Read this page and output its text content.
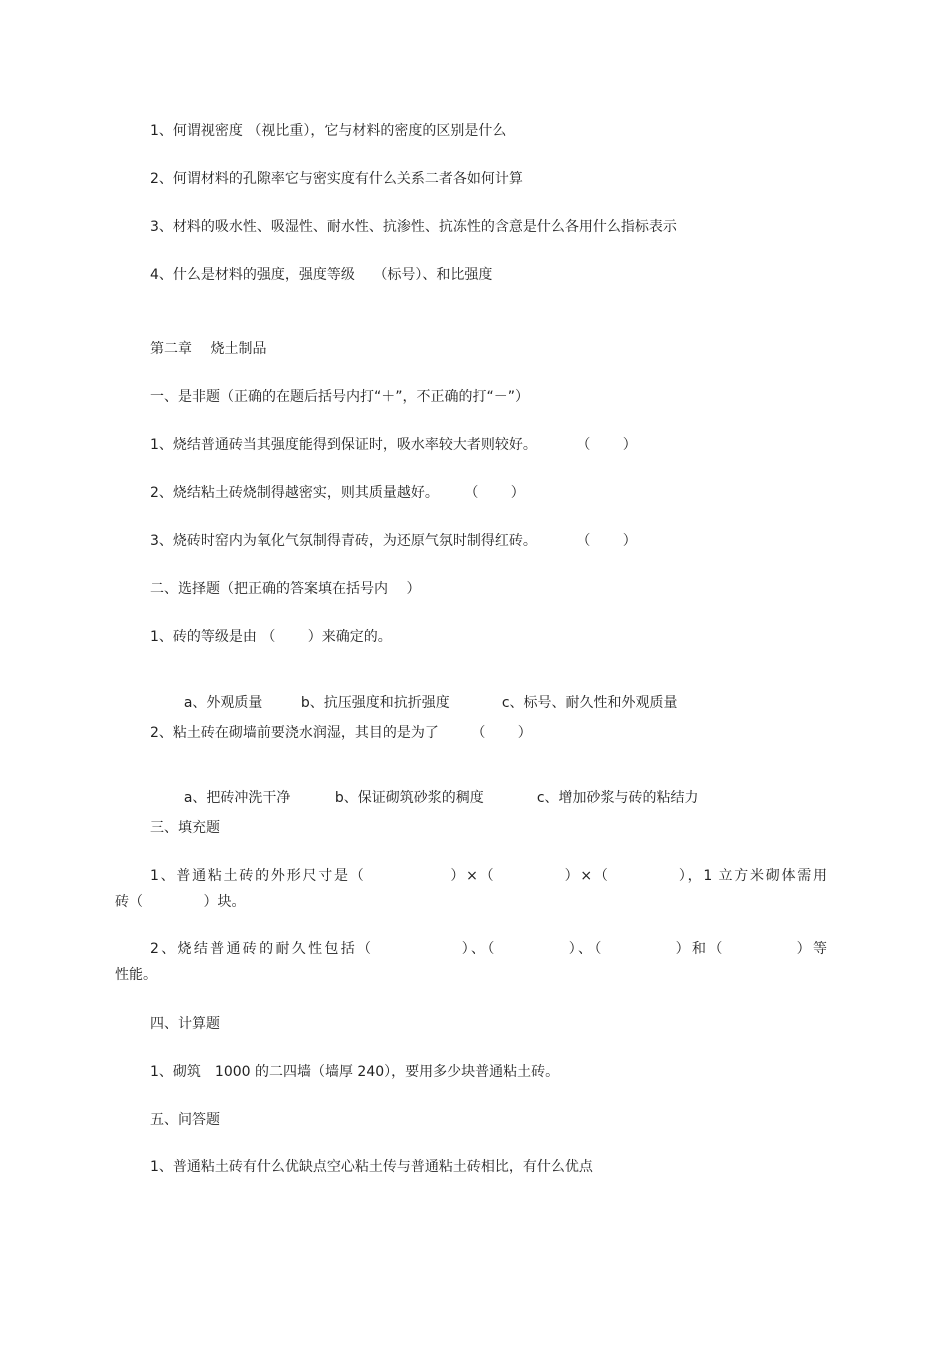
1、何谓视密度 （视比重），它与材料的密度的区别是什么
2、何谓材料的孔隙率它与密实度有什么关系二者各如何计算
3、材料的吸水性、吸湿性、耐水性、抗渗性、抗冻性的含意是什么各用什么指标表示
4、什么是材料的强度，强度等级　 （标号）、和比强度
第二章　 烧土制品
一、是非题（正确的在题后括号内打“＋”，不正确的打“－”）
1、烧结普通砖当其强度能得到保证时，吸水率较大者则较好。　　　 （　　 ）
2、烧结粘土砖烧制得越密实，则其质量越好。　　 （　　 ）
3、烧砖时窑内为氧化气氛制得青砖，为还原气氛时制得红砖。　　　 （　　 ）
二、选择题（把正确的答案填在括号内　 ）
1、砖的等级是由 （　　 ）来确定的。

a、外观质量	b、抗压强度和抗折强度	c、标号、耐久性和外观质量

2、粘土砖在砌墙前要浇水润湿，其目的是为了　　 （　　 ）

a、把砖冲洗干净	b、保证砌筑砂浆的稠度	c、增加砂浆与砖的粘结力

三、填充题
1、普通粘土砖的外形尺寸是（　　　　　 ）×（　　　　 ）×（　　　　 ），1 立方米砌体需用
砖（　　　　 ）块。
2、烧结普通砖的耐久性包括（　　　　　 ）、（　　　　 ）、（　　　　 ）和（　　　　 ）等
性能。
四、计算题
1、砌筑　1000 的二四墙（墙厚 240），要用多少块普通粘土砖。
五、问答题
1、普通粘土砖有什么优缺点空心粘土传与普通粘土砖相比，有什么优点
